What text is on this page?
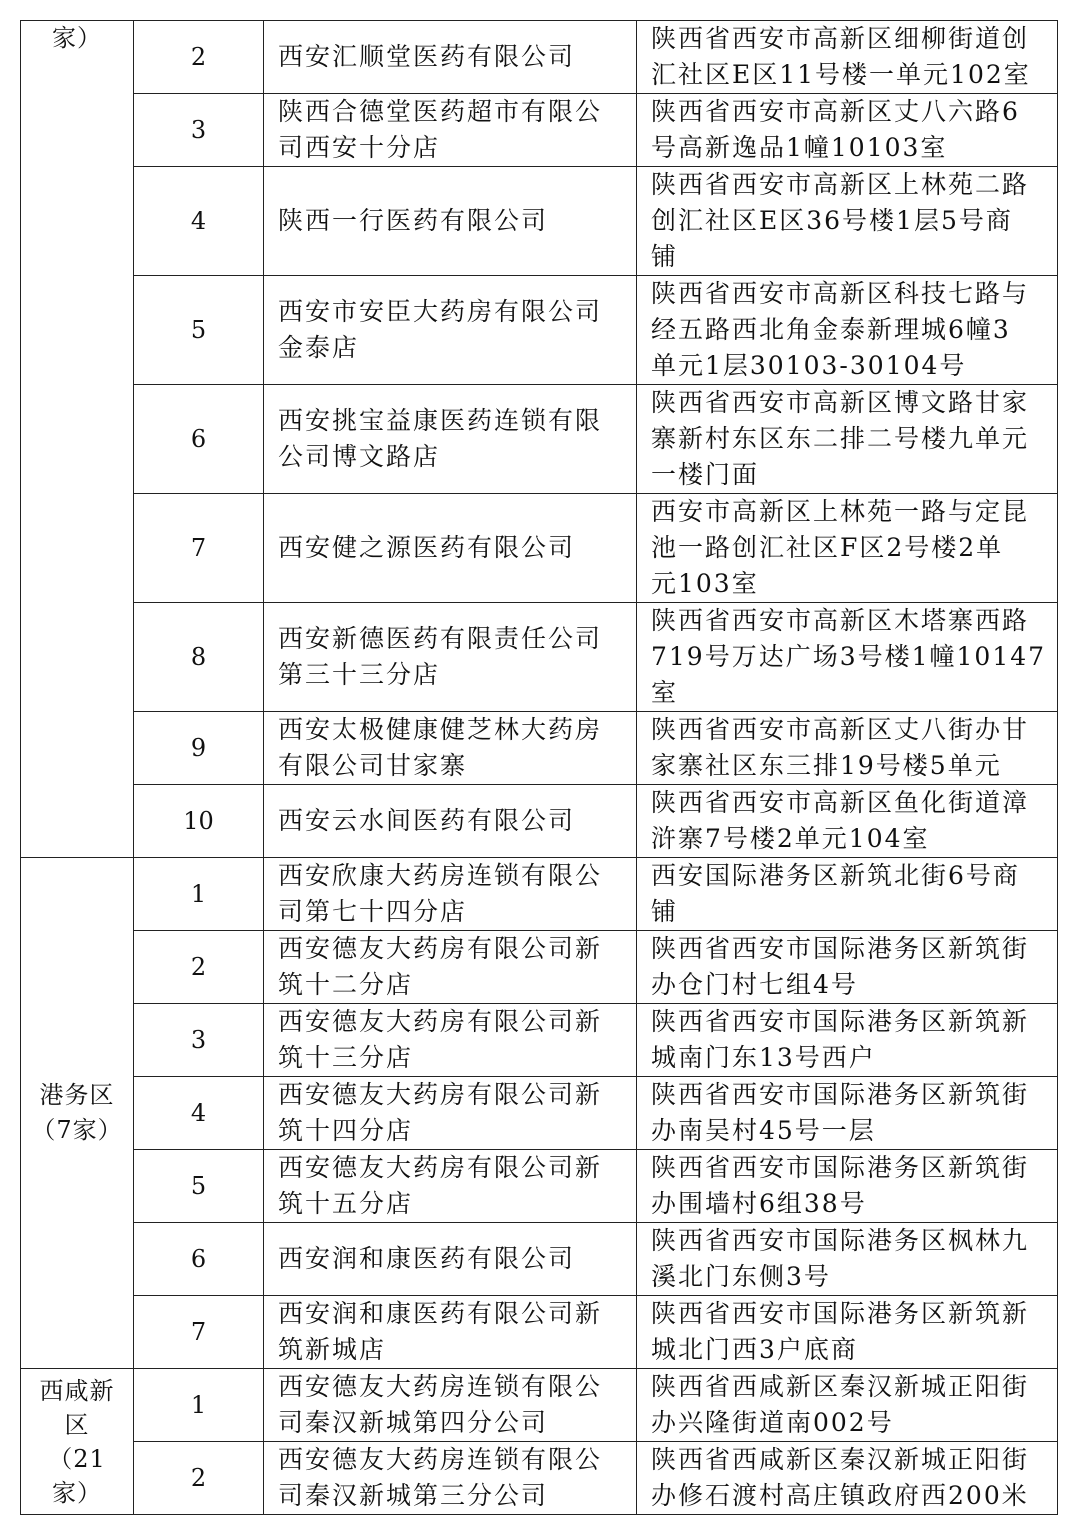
家）	2	西安汇顺堂医药有限公司	陕西省西安市高新区细柳街道创
汇社区E区11号楼一单元102室
	3	陕西合德堂医药超市有限公
司西安十分店	陕西省西安市高新区丈八六路6
号高新逸品1幢10103室
	4	陕西一行医药有限公司	陕西省西安市高新区上林苑二路
创汇社区E区36号楼1层5号商
铺
	5	西安市安臣大药房有限公司
金泰店	陕西省西安市高新区科技七路与
经五路西北角金泰新理城6幢3
单元1层30103-30104号
	6	西安挑宝益康医药连锁有限
公司博文路店	陕西省西安市高新区博文路甘家
寨新村东区东二排二号楼九单元
一楼门面
	7	西安健之源医药有限公司	西安市高新区上林苑一路与定昆
池一路创汇社区F区2号楼2单
元103室
	8	西安新德医药有限责任公司
第三十三分店	陕西省西安市高新区木塔寨西路
719号万达广场3号楼1幢10147
室
	9	西安太极健康健芝林大药房
有限公司甘家寨	陕西省西安市高新区丈八街办甘
家寨社区东三排19号楼5单元
	10	西安云水间医药有限公司	陕西省西安市高新区鱼化街道漳
浒寨7号楼2单元104室
港务区
（7家）	1	西安欣康大药房连锁有限公
司第七十四分店	西安国际港务区新筑北街6号商
铺
	2	西安德友大药房有限公司新
筑十二分店	陕西省西安市国际港务区新筑街
办仓门村七组4号
	3	西安德友大药房有限公司新
筑十三分店	陕西省西安市国际港务区新筑新
城南门东13号西户
	4	西安德友大药房有限公司新
筑十四分店	陕西省西安市国际港务区新筑街
办南吴村45号一层
	5	西安德友大药房有限公司新
筑十五分店	陕西省西安市国际港务区新筑街
办围墙村6组38号
	6	西安润和康医药有限公司	陕西省西安市国际港务区枫林九
溪北门东侧3号
	7	西安润和康医药有限公司新
筑新城店	陕西省西安市国际港务区新筑新
城北门西3户底商
西咸新
区
（21
家）	1	西安德友大药房连锁有限公
司秦汉新城第四分公司	陕西省西咸新区秦汉新城正阳街
办兴隆街道南002号
	2	西安德友大药房连锁有限公
司秦汉新城第三分公司	陕西省西咸新区秦汉新城正阳街
办修石渡村高庄镇政府西200米
